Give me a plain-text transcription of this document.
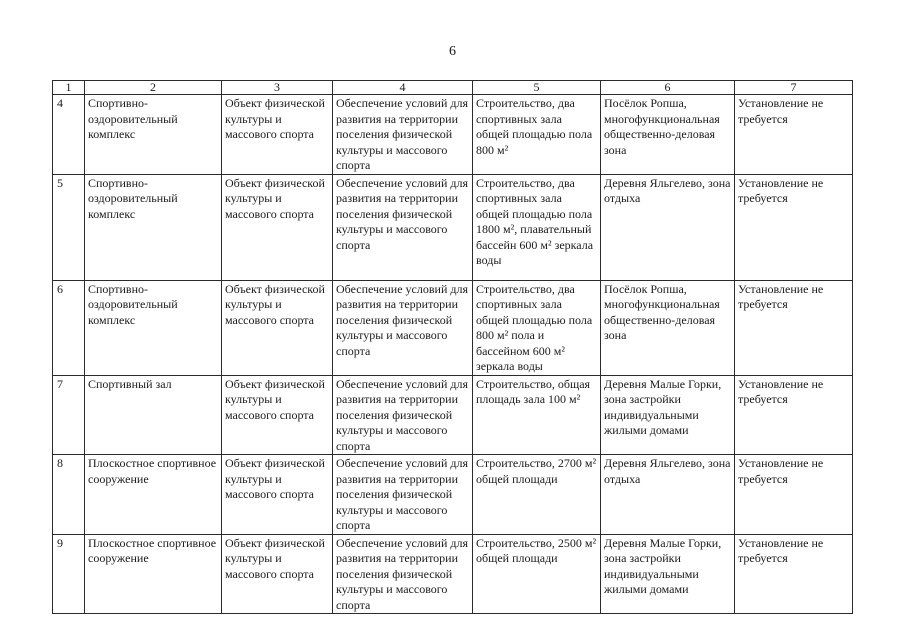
6
1	2	3	4	5	6	7
4	Спортивно-оздоровительный комплекс	Объект физической культуры и массового спорта	Обеспечение условий для развития на территории поселения физической культуры и массового спорта	Строительство, два спортивных зала общей площадью пола 800 м²	Посёлок Ропша, многофункциональная общественно-деловая зона	Установление не требуется
5	Спортивно-оздоровительный комплекс	Объект физической культуры и массового спорта	Обеспечение условий для развития на территории поселения физической культуры и массового спорта	Строительство, два спортивных зала общей площадью пола 1800 м², плавательный бассейн 600 м² зеркала воды	Деревня Яльгелево, зона отдыха	Установление не требуется
6	Спортивно-оздоровительный комплекс	Объект физической культуры и массового спорта	Обеспечение условий для развития на территории поселения физической культуры и массового спорта	Строительство, два спортивных зала общей площадью пола 800 м² пола и бассейном 600 м² зеркала воды	Посёлок Ропша, многофункциональная общественно-деловая зона	Установление не требуется
7	Спортивный зал	Объект физической культуры и массового спорта	Обеспечение условий для развития на территории поселения физической культуры и массового спорта	Строительство, общая площадь зала 100 м²	Деревня Малые Горки, зона застройки индивидуальными жилыми домами	Установление не требуется
8	Плоскостное спортивное сооружение	Объект физической культуры и массового спорта	Обеспечение условий для развития на территории поселения физической культуры и массового спорта	Строительство, 2700 м² общей площади	Деревня Яльгелево, зона отдыха	Установление не требуется
9	Плоскостное спортивное сооружение	Объект физической культуры и массового спорта	Обеспечение условий для развития на территории поселения физической культуры и массового спорта	Строительство, 2500 м² общей площади	Деревня Малые Горки, зона застройки индивидуальными жилыми домами	Установление не требуется
